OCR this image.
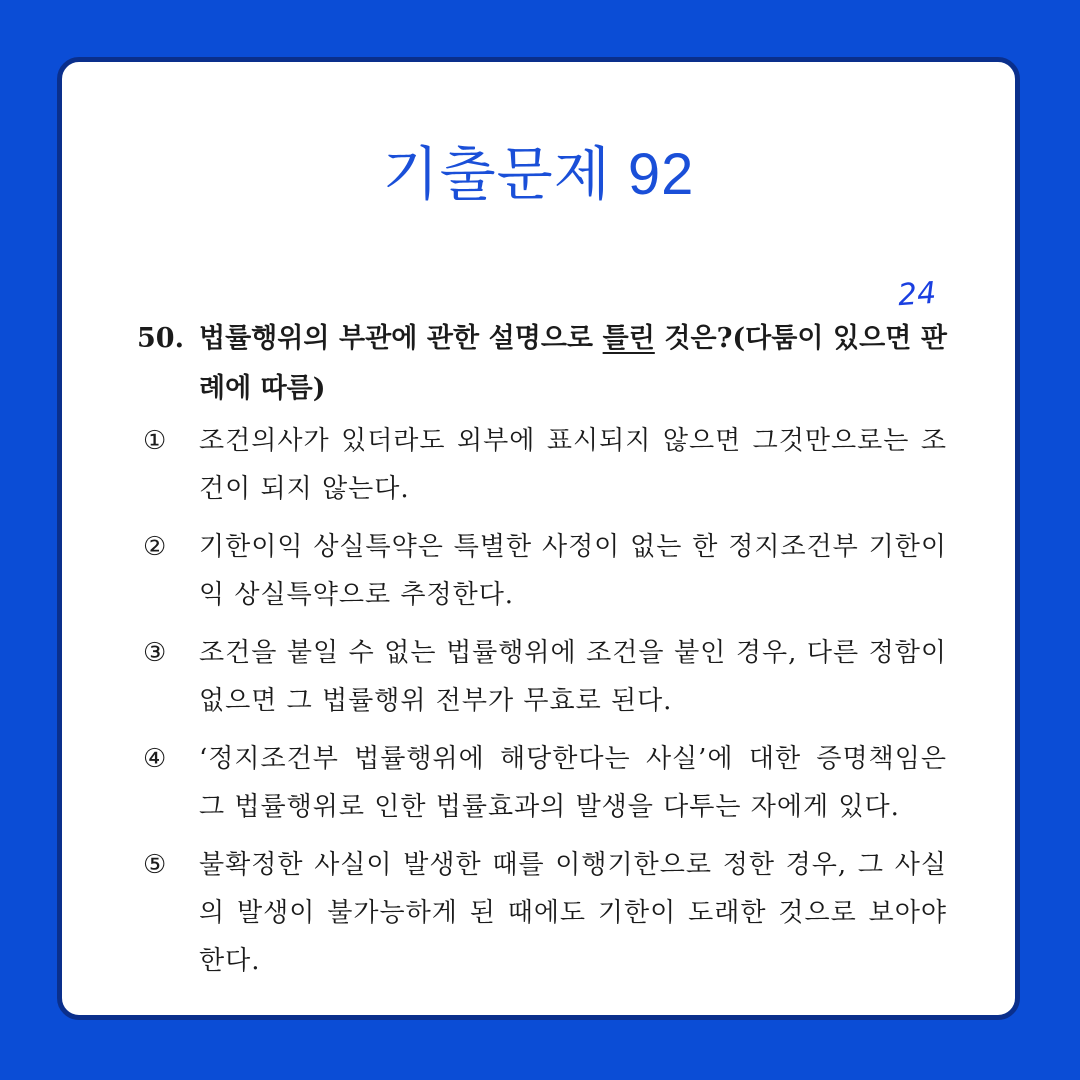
기출문제 92
24
50. 법률행위의 부관에 관한 설명으로 틀린 것은?(다툼이 있으면 판례에 따름)
① 조건의사가 있더라도 외부에 표시되지 않으면 그것만으로는 조건이 되지 않는다.
② 기한이익 상실특약은 특별한 사정이 없는 한 정지조건부 기한이익 상실특약으로 추정한다.
③ 조건을 붙일 수 없는 법률행위에 조건을 붙인 경우, 다른 정함이 없으면 그 법률행위 전부가 무효로 된다.
④ ‘정지조건부 법률행위에 해당한다는 사실’에 대한 증명책임은 그 법률행위로 인한 법률효과의 발생을 다투는 자에게 있다.
⑤ 불확정한 사실이 발생한 때를 이행기한으로 정한 경우, 그 사실의 발생이 불가능하게 된 때에도 기한이 도래한 것으로 보아야 한다.
